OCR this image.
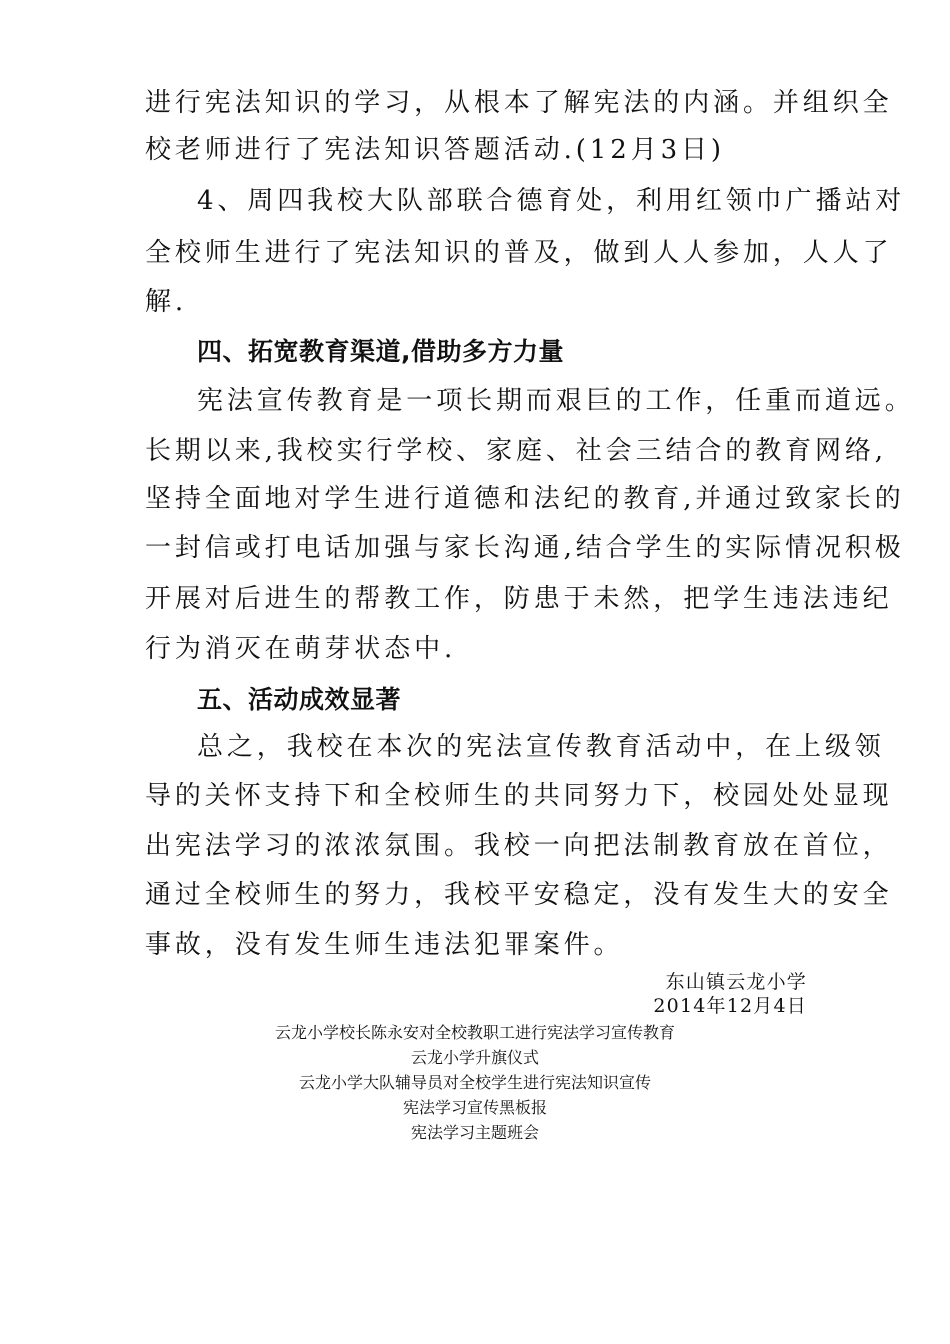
进行宪法知识的学习，从根本了解宪法的内涵。并组织全
校老师进行了宪法知识答题活动.(12月3日)
4、周四我校大队部联合德育处，利用红领巾广播站对
全校师生进行了宪法知识的普及，做到人人参加，人人了
解.
四、拓宽教育渠道,借助多方力量
宪法宣传教育是一项长期而艰巨的工作，任重而道远。
长期以来,我校实行学校、家庭、社会三结合的教育网络,
坚持全面地对学生进行道德和法纪的教育,并通过致家长的
一封信或打电话加强与家长沟通,结合学生的实际情况积极
开展对后进生的帮教工作，防患于未然，把学生违法违纪
行为消灭在萌芽状态中.
五、活动成效显著
总之，我校在本次的宪法宣传教育活动中，在上级领
导的关怀支持下和全校师生的共同努力下，校园处处显现
出宪法学习的浓浓氛围。我校一向把法制教育放在首位，
通过全校师生的努力，我校平安稳定，没有发生大的安全
事故，没有发生师生违法犯罪案件。
东山镇云龙小学
2014年12月4日
云龙小学校长陈永安对全校教职工进行宪法学习宣传教育
云龙小学升旗仪式
云龙小学大队辅导员对全校学生进行宪法知识宣传
宪法学习宣传黑板报
宪法学习主题班会
